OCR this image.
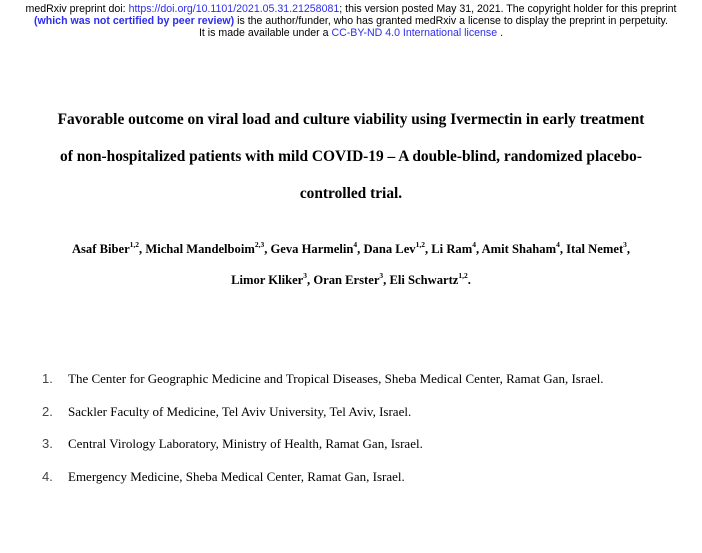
medRxiv preprint doi: https://doi.org/10.1101/2021.05.31.21258081; this version posted May 31, 2021. The copyright holder for this preprint
(which was not certified by peer review) is the author/funder, who has granted medRxiv a license to display the preprint in perpetuity.
It is made available under a CC-BY-ND 4.0 International license .
Favorable outcome on viral load and culture viability using Ivermectin in early treatment
of non-hospitalized patients with mild COVID-19 – A double-blind, randomized placebo-
controlled trial.
Asaf Biber$^{1,2}$, Michal Mandelboim$^{2,3}$, Geva Harmelin$^4$, Dana Lev$^{1,2}$, Li Ram$^4$, Amit Shaham$^4$, Ital Nemet$^3$,
Limor Kliker$^3$, Oran Erster$^3$, Eli Schwartz$^{1,2}$.
1.	The Center for Geographic Medicine and Tropical Diseases, Sheba Medical Center, Ramat Gan, Israel.
2.	Sackler Faculty of Medicine, Tel Aviv University, Tel Aviv, Israel.
3.	Central Virology Laboratory, Ministry of Health, Ramat Gan, Israel.
4.	Emergency Medicine, Sheba Medical Center, Ramat Gan, Israel.
